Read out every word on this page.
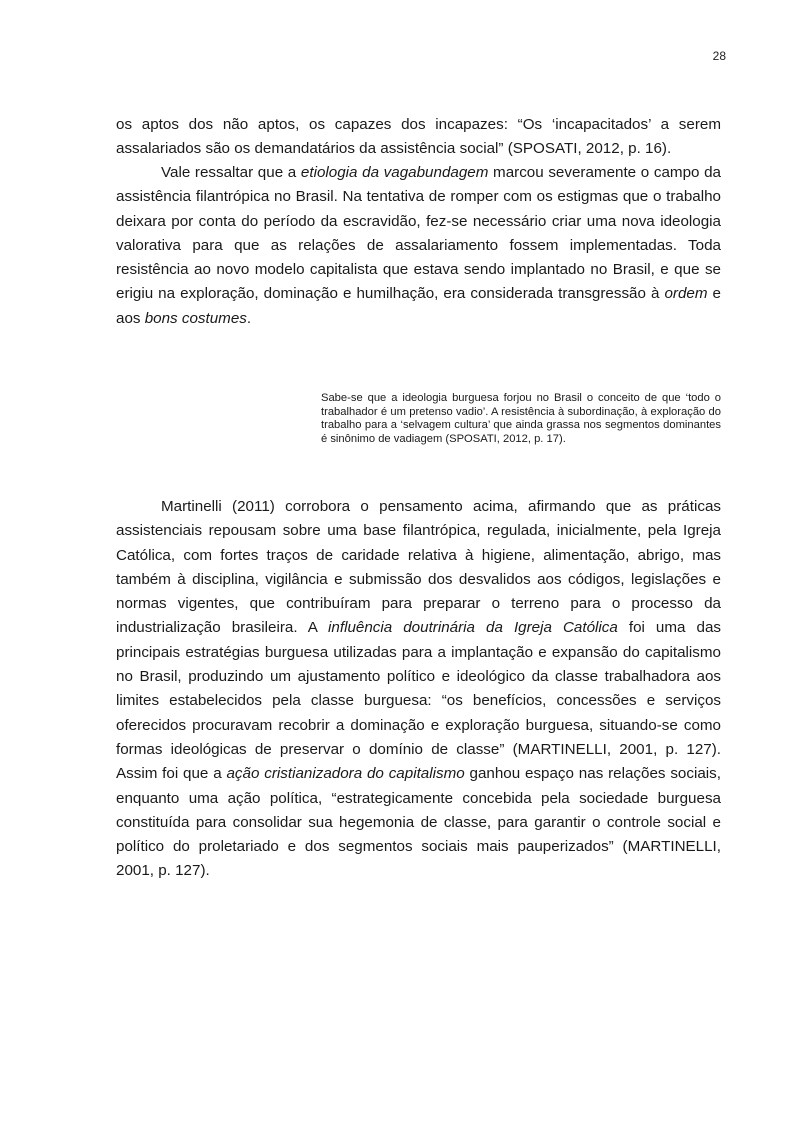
28

os aptos dos não aptos, os capazes dos incapazes: “Os ‘incapacitados’ a serem assalariados são os demandatários da assistência social” (SPOSATI, 2012, p. 16).

Vale ressaltar que a etiologia da vagabundagem marcou severamente o campo da assistência filantrópica no Brasil. Na tentativa de romper com os estigmas que o trabalho deixara por conta do período da escravidão, fez-se necessário criar uma nova ideologia valorativa para que as relações de assalariamento fossem implementadas. Toda resistência ao novo modelo capitalista que estava sendo implantado no Brasil, e que se erigiu na exploração, dominação e humilhação, era considerada transgressão à ordem e aos bons costumes.

Sabe-se que a ideologia burguesa forjou no Brasil o conceito de que ‘todo o trabalhador é um pretenso vadio’. A resistência à subordinação, à exploração do trabalho para a ‘selvagem cultura’ que ainda grassa nos segmentos dominantes é sinônimo de vadiagem (SPOSATI, 2012, p. 17).

Martinelli (2011) corrobora o pensamento acima, afirmando que as práticas assistenciais repousam sobre uma base filantrópica, regulada, inicialmente, pela Igreja Católica, com fortes traços de caridade relativa à higiene, alimentação, abrigo, mas também à disciplina, vigilância e submissão dos desvalidos aos códigos, legislações e normas vigentes, que contribuíram para preparar o terreno para o processo da industrialização brasileira. A influência doutrinária da Igreja Católica foi uma das principais estratégias burguesa utilizadas para a implantação e expansão do capitalismo no Brasil, produzindo um ajustamento político e ideológico da classe trabalhadora aos limites estabelecidos pela classe burguesa: “os benefícios, concessões e serviços oferecidos procuravam recobrir a dominação e exploração burguesa, situando-se como formas ideológicas de preservar o domínio de classe” (MARTINELLI, 2001, p. 127). Assim foi que a ação cristianizadora do capitalismo ganhou espaço nas relações sociais, enquanto uma ação política, “estrategicamente concebida pela sociedade burguesa constituída para consolidar sua hegemonia de classe, para garantir o controle social e político do proletariado e dos segmentos sociais mais pauperizados” (MARTINELLI, 2001, p. 127).
